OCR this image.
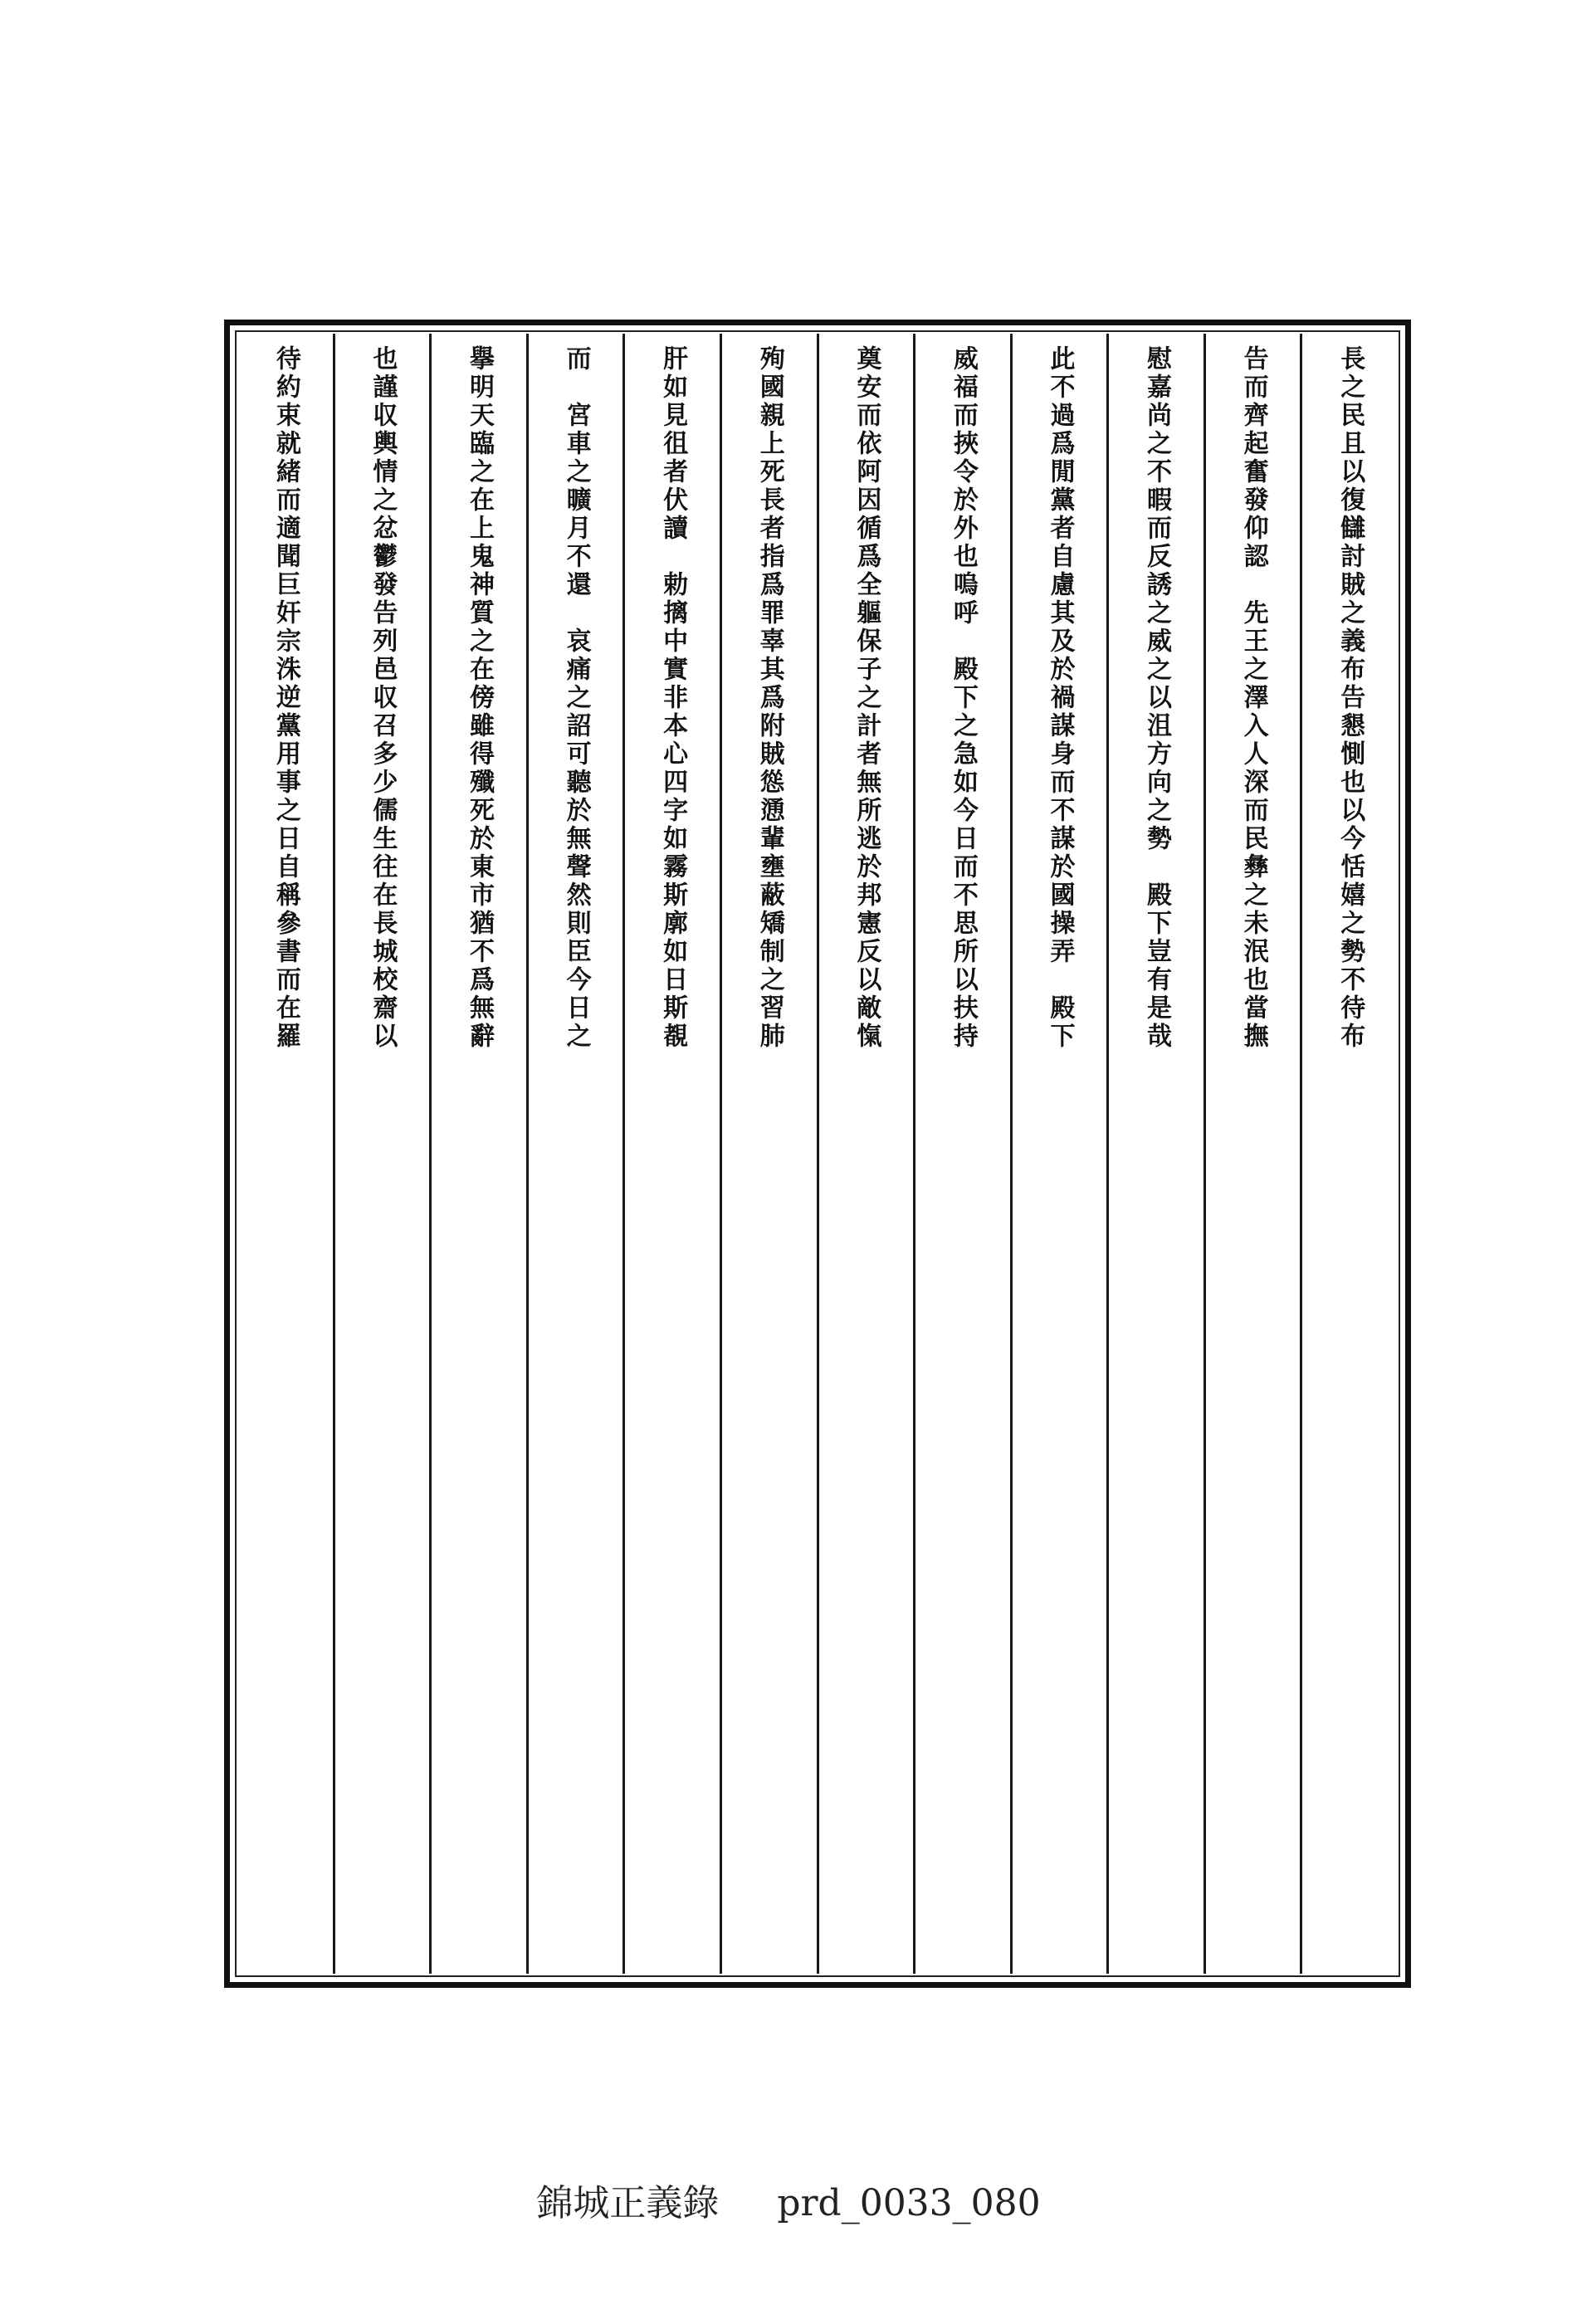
長之民且以復讎討賊之義布告懇惻也以今恬嬉之勢不待布
告而齊起奮發仰認　先王之澤入人深而民彝之未泯也當撫
慰嘉尚之不暇而反誘之威之以沮方向之勢　殿下豈有是哉
此不過爲閒黨者自慮其及於禍謀身而不謀於國操弄　殿下
威福而挾令於外也嗚呼　殿下之急如今日而不思所以扶持
奠安而依阿因循爲全軀保子之計者無所逃於邦憲反以敵愾
殉國親上死長者指爲罪辜其爲附賊慫慂輩壅蔽矯制之習肺
肝如見徂者伏讀　勅摛中實非本心四字如霧斯廓如日斯覩
而　宮車之曠月不還　哀痛之詔可聽於無聲然則臣今日之
擧明天臨之在上鬼神質之在傍雖得殲死於東市猶不爲無辭
也謹収輿情之忿鬱發告列邑収召多少儒生往在長城校齋以
待約束就緒而適聞巨奸宗洙逆黨用事之日自稱參書而在羅
錦城正義錄 prd_0033_080
